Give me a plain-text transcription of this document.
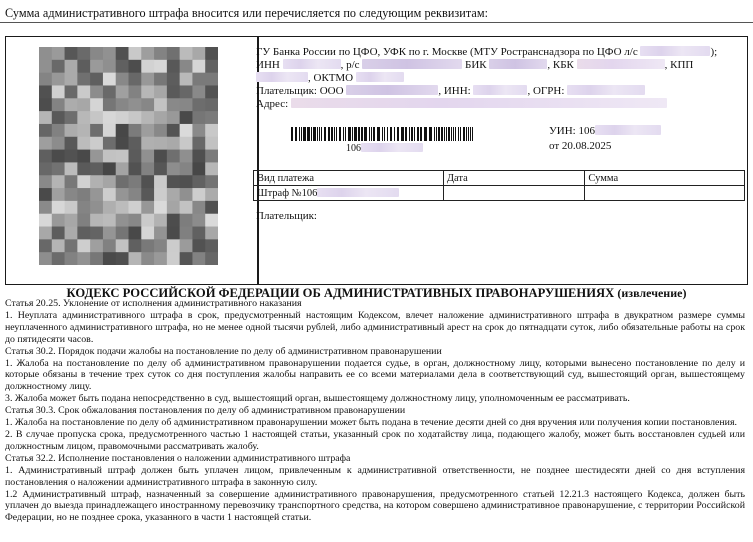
Сумма административного штрафа вносится или перечисляется по следующим реквизитам:
ГУ Банка России по ЦФО, УФК по г. Москве (МТУ Ространснадзора по ЦФО л/с	);
ИНН	, р/с	БИК	, КБК	, КПП
, ОКТМО
Плательщик: ООО	, ИНН:	, ОГРН:
Адрес:
106
УИН: 106
от 20.08.2025
Вид платежа	Дата	Сумма
Штраф №106		
Плательщик:
КОДЕКС РОССИЙСКОЙ ФЕДЕРАЦИИ ОБ АДМИНИСТРАТИВНЫХ ПРАВОНАРУШЕНИЯХ (извлечение)
Статья 20.25. Уклонение от исполнения административного наказания
1. Неуплата административного штрафа в срок, предусмотренный настоящим Кодексом, влечет наложение административного штрафа в двукратном размере суммы неуплаченного административного штрафа, но не менее одной тысячи рублей, либо административный арест на срок до пятнадцати суток, либо обязательные работы на срок до пятидесяти часов.
Статья 30.2. Порядок подачи жалобы на постановление по делу об административном правонарушении
1. Жалоба на постановление по делу об административном правонарушении подается судье, в орган, должностному лицу, которыми вынесено постановление по делу и которые обязаны в течение трех суток со дня поступления жалобы направить ее со всеми материалами дела в соответствующий суд, вышестоящий орган, вышестоящему должностному лицу.
3. Жалоба может быть подана непосредственно в суд, вышестоящий орган, вышестоящему должностному лицу, уполномоченным ее рассматривать.
Статья 30.3. Срок обжалования постановления по делу об административном правонарушении
1. Жалоба на постановление по делу об административном правонарушении может быть подана в течение десяти дней со дня вручения или получения копии постановления.
2. В случае пропуска срока, предусмотренного частью 1 настоящей статьи, указанный срок по ходатайству лица, подающего жалобу, может быть восстановлен судьей или должностным лицом, правомочными рассматривать жалобу.
Статья 32.2. Исполнение постановления о наложении административного штрафа
1. Административный штраф должен быть уплачен лицом, привлеченным к административной ответственности, не позднее шестидесяти дней со дня вступления постановления о наложении административного штрафа в законную силу.
1.2 Административный штраф, назначенный за совершение административного правонарушения, предусмотренного статьей 12.21.3 настоящего Кодекса, должен быть уплачен до выезда принадлежащего иностранному перевозчику транспортного средства, на котором совершено административное правонарушение, с территории Российской Федерации, но не позднее срока, указанного в части 1 настоящей статьи.
